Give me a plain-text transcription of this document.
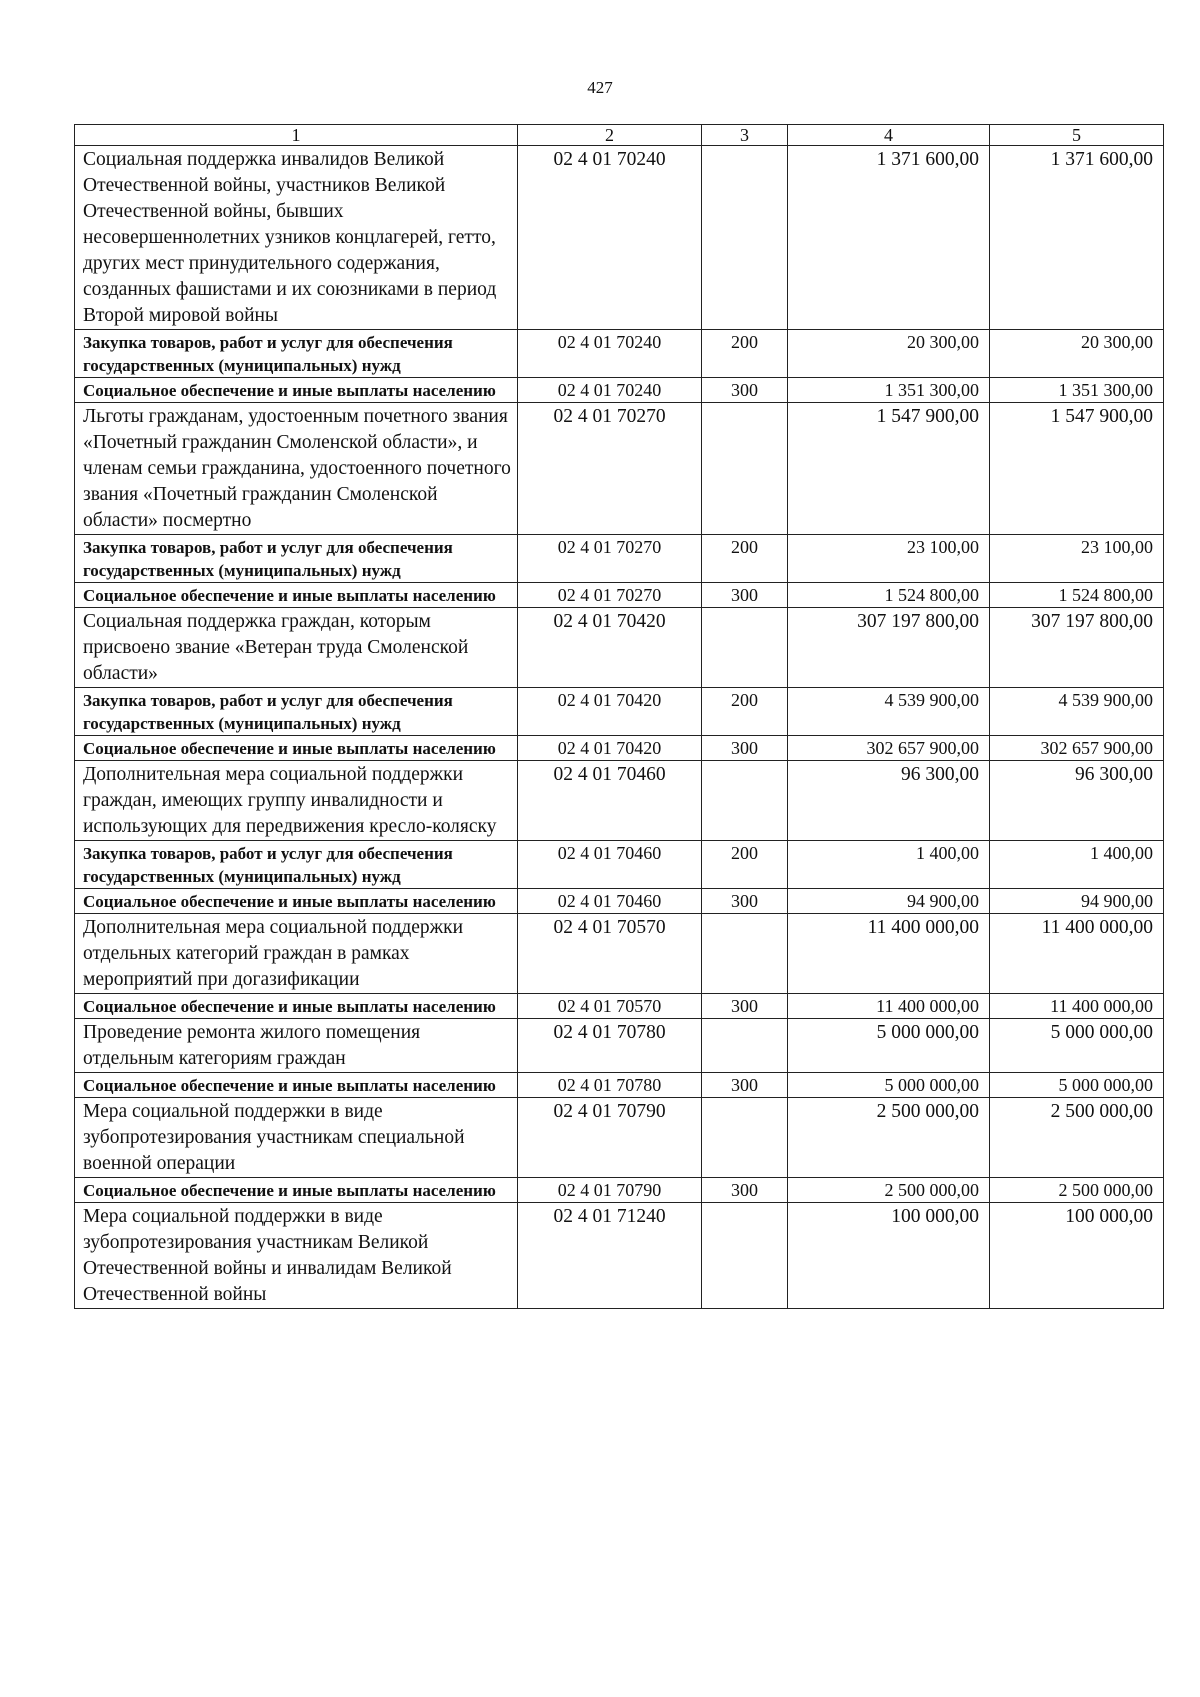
427
1	2	3	4	5
Социальная поддержка инвалидов Великой Отечественной войны, участников Великой Отечественной войны, бывших несовершеннолетних узников концлагерей, гетто, других мест принудительного содержания, созданных фашистами и их союзниками в период Второй мировой войны	02 4 01 70240		1 371 600,00	1 371 600,00
Закупка товаров, работ и услуг для обеспечения государственных (муниципальных) нужд	02 4 01 70240	200	20 300,00	20 300,00
Социальное обеспечение и иные выплаты населению	02 4 01 70240	300	1 351 300,00	1 351 300,00
Льготы гражданам, удостоенным почетного звания «Почетный гражданин Смоленской области», и членам семьи гражданина, удостоенного почетного звания «Почетный гражданин Смоленской области» посмертно	02 4 01 70270		1 547 900,00	1 547 900,00
Закупка товаров, работ и услуг для обеспечения государственных (муниципальных) нужд	02 4 01 70270	200	23 100,00	23 100,00
Социальное обеспечение и иные выплаты населению	02 4 01 70270	300	1 524 800,00	1 524 800,00
Социальная поддержка граждан, которым присвоено звание «Ветеран труда Смоленской области»	02 4 01 70420		307 197 800,00	307 197 800,00
Закупка товаров, работ и услуг для обеспечения государственных (муниципальных) нужд	02 4 01 70420	200	4 539 900,00	4 539 900,00
Социальное обеспечение и иные выплаты населению	02 4 01 70420	300	302 657 900,00	302 657 900,00
Дополнительная мера социальной поддержки граждан, имеющих группу инвалидности и использующих для передвижения кресло-коляску	02 4 01 70460		96 300,00	96 300,00
Закупка товаров, работ и услуг для обеспечения государственных (муниципальных) нужд	02 4 01 70460	200	1 400,00	1 400,00
Социальное обеспечение и иные выплаты населению	02 4 01 70460	300	94 900,00	94 900,00
Дополнительная мера социальной поддержки отдельных категорий граждан в рамках мероприятий при догазификации	02 4 01 70570		11 400 000,00	11 400 000,00
Социальное обеспечение и иные выплаты населению	02 4 01 70570	300	11 400 000,00	11 400 000,00
Проведение ремонта жилого помещения отдельным категориям граждан	02 4 01 70780		5 000 000,00	5 000 000,00
Социальное обеспечение и иные выплаты населению	02 4 01 70780	300	5 000 000,00	5 000 000,00
Мера социальной поддержки в виде зубопротезирования участникам специальной военной операции	02 4 01 70790		2 500 000,00	2 500 000,00
Социальное обеспечение и иные выплаты населению	02 4 01 70790	300	2 500 000,00	2 500 000,00
Мера социальной поддержки в виде зубопротезирования участникам Великой Отечественной войны и инвалидам Великой Отечественной войны	02 4 01 71240		100 000,00	100 000,00
